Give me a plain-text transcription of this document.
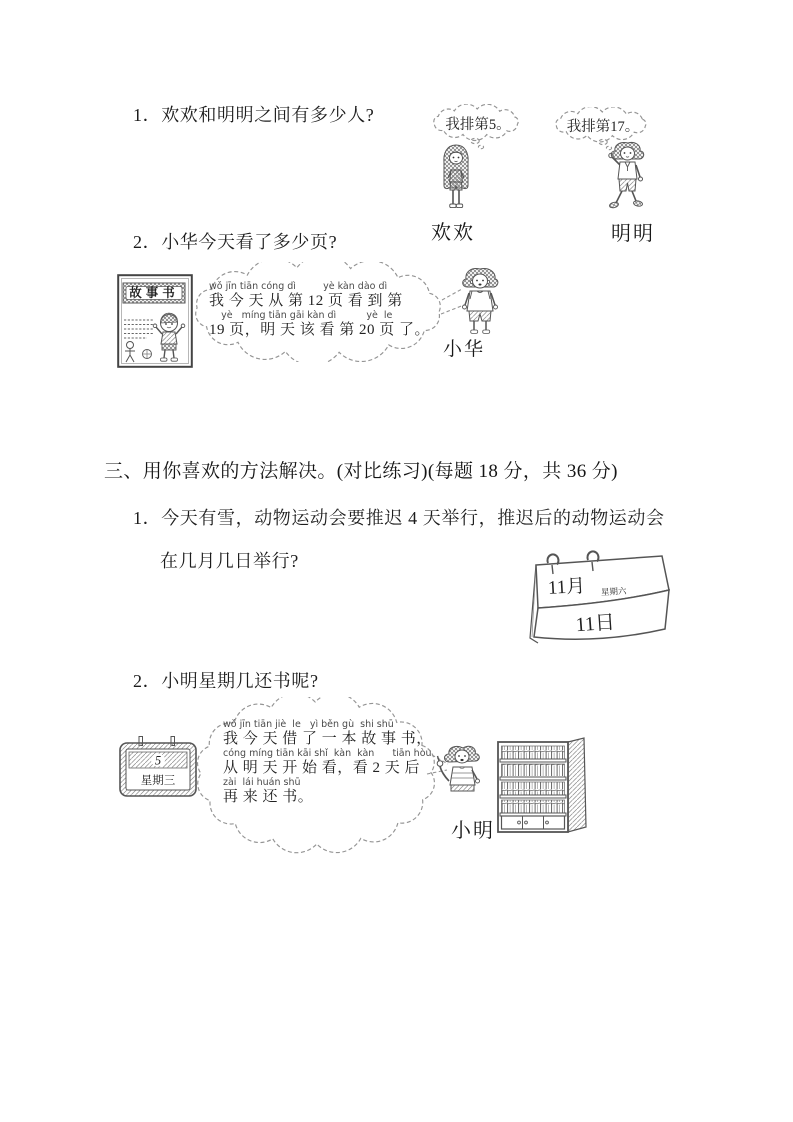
1．欢欢和明明之间有多少人?	我排第5。	我排第17。
欢欢	明明
2．小华今天看了多少页?
故事书	wǒ jīn tiān cóng dì         yè kàn dào dì
我 今 天 从 第 12 页 看 到 第
yè   míng tiān gāi kàn dì          yè  le
19 页，明 天 该 看 第 20 页 了。
小华
三、用你喜欢的方法解决。(对比练习)(每题 18 分，共 36 分)
1．今天有雪，动物运动会要推迟 4 天举行，推迟后的动物运动会
在几月几日举行?
11月 星期六
11日
2．小明星期几还书呢?
5
星期三
wǒ jīn tiān jiè  le   yì běn gù  shi shū
我 今 天 借 了 一 本 故 事 书，
cóng míng tiān kāi shǐ  kàn  kàn      tiān hòu
从 明 天 开 始 看，看 2 天 后
zài  lái huán shū
再 来 还 书。
小明
